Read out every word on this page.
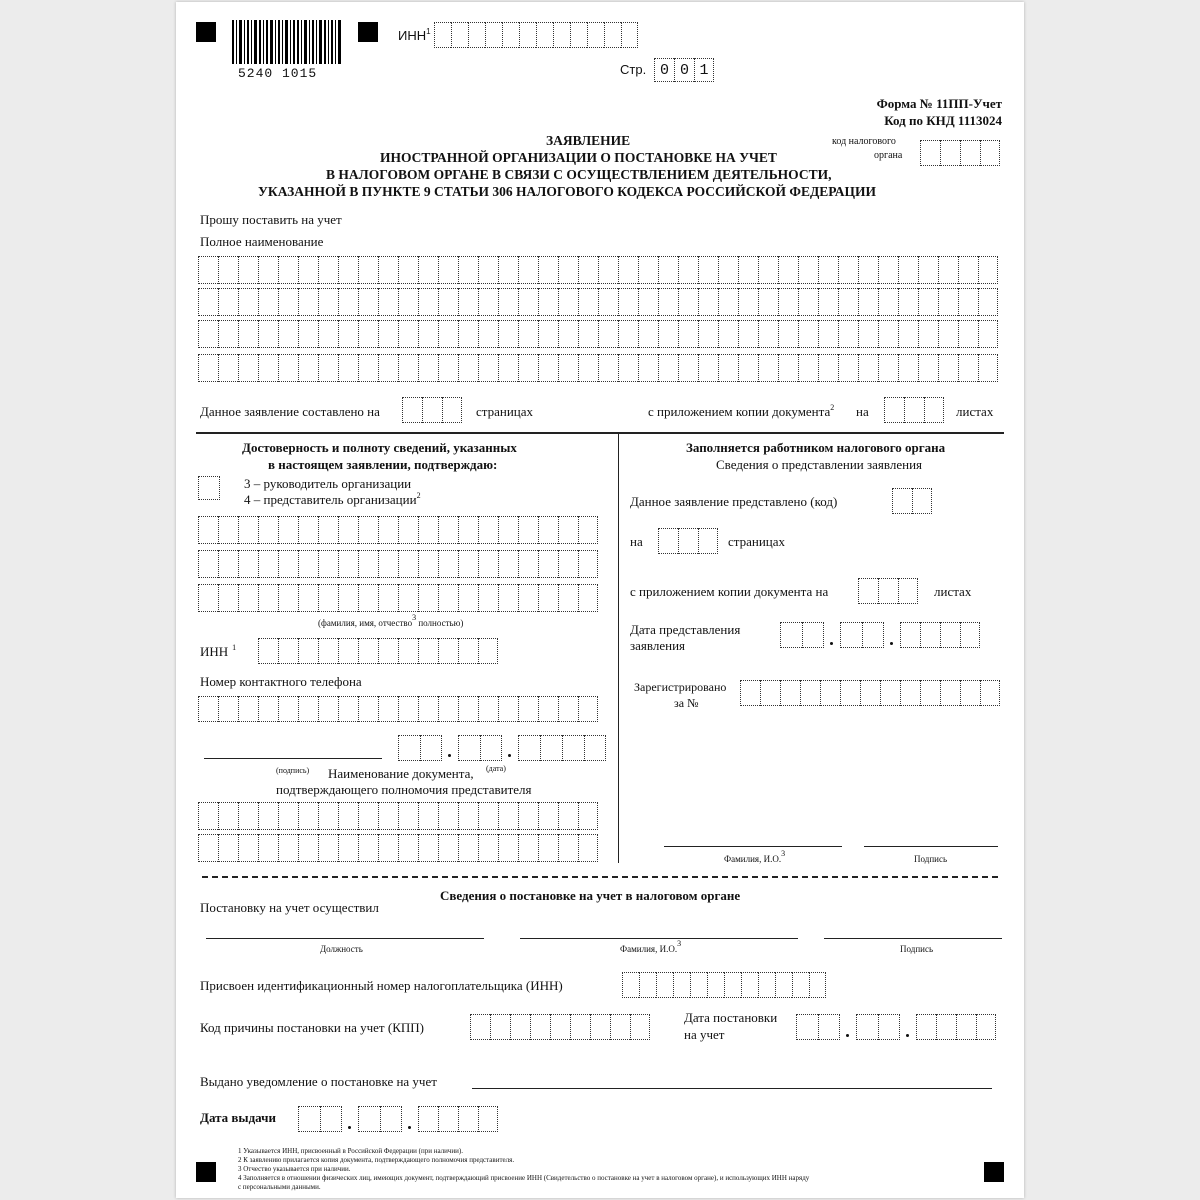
5240 1015
ИНН$^1$
Стр. 0 0 1
Форма № 11ПП-Учет
Код по КНД 1113024
код налогового
органа
ЗАЯВЛЕНИЕ
ИНОСТРАННОЙ ОРГАНИЗАЦИИ О ПОСТАНОВКЕ НА УЧЕТ
В НАЛОГОВОМ ОРГАНЕ В СВЯЗИ С ОСУЩЕСТВЛЕНИЕМ ДЕЯТЕЛЬНОСТИ,
УКАЗАННОЙ В ПУНКТЕ 9 СТАТЬИ 306 НАЛОГОВОГО КОДЕКСА РОССИЙСКОЙ ФЕДЕРАЦИИ
Прошу поставить на учет
Полное наименование
Данное заявление составлено на	страницах	с приложением копии документа$^2$ на	листах
Достоверность и полноту сведений, указанных
в настоящем заявлении, подтверждаю:
3 – руководитель организации
4 – представитель организации$^2$
(фамилия, имя, отчество3 полностью)
ИНН $^1$
Номер контактного телефона
(подпись)	(дата)
Наименование документа,
подтверждающего полномочия представителя
Заполняется работником налогового органа
Сведения о представлении заявления
Данное заявление представлено (код)
на	страницах
с приложением копии документа на	листах
Дата представления
заявления
Зарегистрировано
за №
Фамилия, И.О.3
Подпись
Сведения о постановке на учет в налоговом органе
Постановку на учет осуществил
Должность	Фамилия, И.О.3
Подпись
Присвоен идентификационный номер налогоплательщика (ИНН)
Код причины постановки на учет (КПП)
Дата постановки
на учет
Выдано уведомление о постановке на учет
Дата выдачи
1 Указывается ИНН, присвоенный в Российской Федерации (при наличии).
2 К заявлению прилагается копия документа, подтверждающего полномочия представителя.
3 Отчество указывается при наличии.
4 Заполняется в отношении физических лиц, имеющих документ, подтверждающий присвоение ИНН (Свидетельство о постановке на учет в налоговом органе), и использующих ИНН наряду
с персональными данными.
